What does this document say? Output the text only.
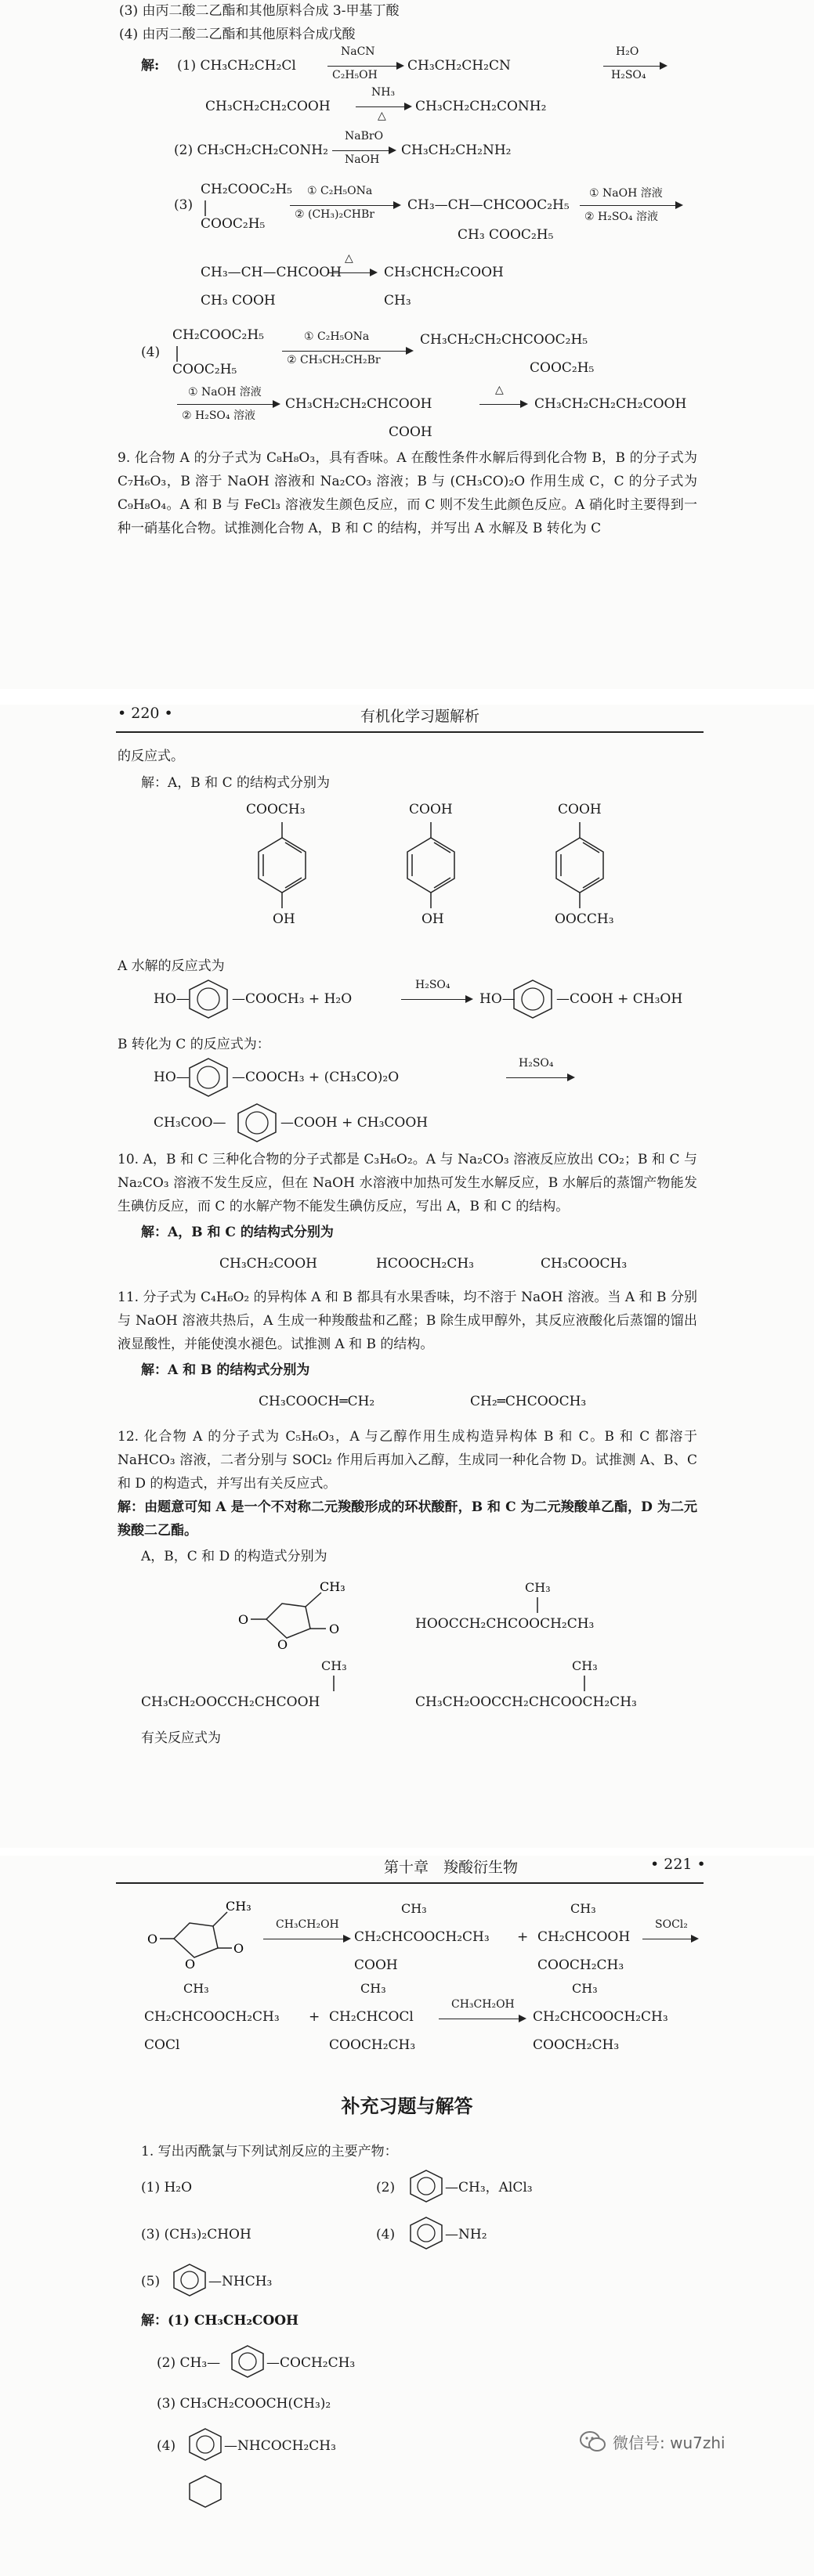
(3) 由丙二酸二乙酯和其他原料合成 3-甲基丁酸
(4) 由丙二酸二乙酯和其他原料合成戊酸
解: (1) CH₃CH₂CH₂Cl
NaCN
C₂H₅OH
CH₃CH₂CH₂CN
H₂O
H₂SO₄
CH₃CH₂CH₂COOH
NH₃
△
CH₃CH₂CH₂CONH₂
(2) CH₃CH₂CH₂CONH₂
NaBrO
NaOH
CH₃CH₂CH₂NH₂
(3)
CH₂COOC₂H₅
COOC₂H₅
① C₂H₅ONa
② (CH₃)₂CHBr
CH₃—CH—CHCOOC₂H₅
CH₃ COOC₂H₅
① NaOH 溶液
② H₂SO₄ 溶液
CH₃—CH—CHCOOH
CH₃ COOH
△
→ CH₃CHCH₂COOH
CH₃
(4)
CH₂COOC₂H₅
COOC₂H₅
① C₂H₅ONa
② CH₃CH₂CH₂Br
CH₃CH₂CH₂CHCOOC₂H₅
COOC₂H₅
① NaOH 溶液
② H₂SO₄ 溶液
CH₃CH₂CH₂CHCOOH
COOH
△
→ CH₃CH₂CH₂CH₂COOH
9. 化合物 A 的分子式为 C₈H₈O₃，具有香味。A 在酸性条件水解后得到化合物 B，B 的分子式为 C₇H₆O₃，B 溶于 NaOH 溶液和 Na₂CO₃ 溶液；B 与 (CH₃CO)₂O 作用生成 C，C 的分子式为 C₉H₈O₄。A 和 B 与 FeCl₃ 溶液发生颜色反应，而 C 则不发生此颜色反应。A 硝化时主要得到一种一硝基化合物。试推测化合物 A，B 和 C 的结构，并写出 A 水解及 B 转化为 C
• 220 •	有机化学习题解析
的反应式。
解：A，B 和 C 的结构式分别为
COOCH₃
OH
COOH
OH
COOH
OOCCH₃
A 水解的反应式为
HO—	—COOCH₃ + H₂O
H₂SO₄
HO—	—COOH + CH₃OH
B 转化为 C 的反应式为：
HO—	—COOCH₃ + (CH₃CO)₂O
H₂SO₄
CH₃COO—	—COOH + CH₃COOH
10. A，B 和 C 三种化合物的分子式都是 C₃H₆O₂。A 与 Na₂CO₃ 溶液反应放出 CO₂；B 和 C 与 Na₂CO₃ 溶液不发生反应，但在 NaOH 水溶液中加热可发生水解反应，B 水解后的蒸馏产物能发生碘仿反应，而 C 的水解产物不能发生碘仿反应，写出 A，B 和 C 的结构。
解：A，B 和 C 的结构式分别为
CH₃CH₂COOH	HCOOCH₂CH₃	CH₃COOCH₃
11. 分子式为 C₄H₆O₂ 的异构体 A 和 B 都具有水果香味，均不溶于 NaOH 溶液。当 A 和 B 分别与 NaOH 溶液共热后，A 生成一种羧酸盐和乙醛；B 除生成甲醇外，其反应液酸化后蒸馏的馏出液显酸性，并能使溴水褪色。试推测 A 和 B 的结构。
解：A 和 B 的结构式分别为
CH₃COOCH═CH₂	CH₂═CHCOOCH₃
12. 化合物 A 的分子式为 C₅H₆O₃，A 与乙醇作用生成构造异构体 B 和 C。B 和 C 都溶于 NaHCO₃ 溶液，二者分别与 SOCl₂ 作用后再加入乙醇，生成同一种化合物 D。试推测 A、B、C 和 D 的构造式，并写出有关反应式。
解：由题意可知 A 是一个不对称二元羧酸形成的环状酸酐，B 和 C 为二元羧酸单乙酯，D 为二元羧酸二乙酯。
A，B，C 和 D 的构造式分别为
O
O
O
CH₃	CH₃
HOOCCH₂CHCOOCH₂CH₃
CH₃
CH₃CH₂OOCCH₂CHCOOH
CH₃
CH₃CH₂OOCCH₂CHCOOCH₂CH₃
有关反应式为
第十章　羧酸衍生物	• 221 •
O
O
O
CH₃
CH₃CH₂OH
CH₃
CH₂CHCOOCH₂CH₃
COOH
+
CH₃
CH₂CHCOOH
COOCH₂CH₃
SOCl₂
CH₃
CH₂CHCOOCH₂CH₃
COCl
+
CH₃
CH₂CHCOCl
COOCH₂CH₃
CH₃CH₂OH
CH₃
CH₂CHCOOCH₂CH₃
COOCH₂CH₃
补充习题与解答
1. 写出丙酰氯与下列试剂反应的主要产物：
(1) H₂O	(2)	—CH₃，AlCl₃
(3) (CH₃)₂CHOH	(4)	—NH₂
(5)	—NHCH₃
解：(1) CH₃CH₂COOH
(2) CH₃—	—COCH₂CH₃
(3) CH₃CH₂COOCH(CH₃)₂
(4)	—NHCOCH₂CH₃	微信号: wu7zhi
